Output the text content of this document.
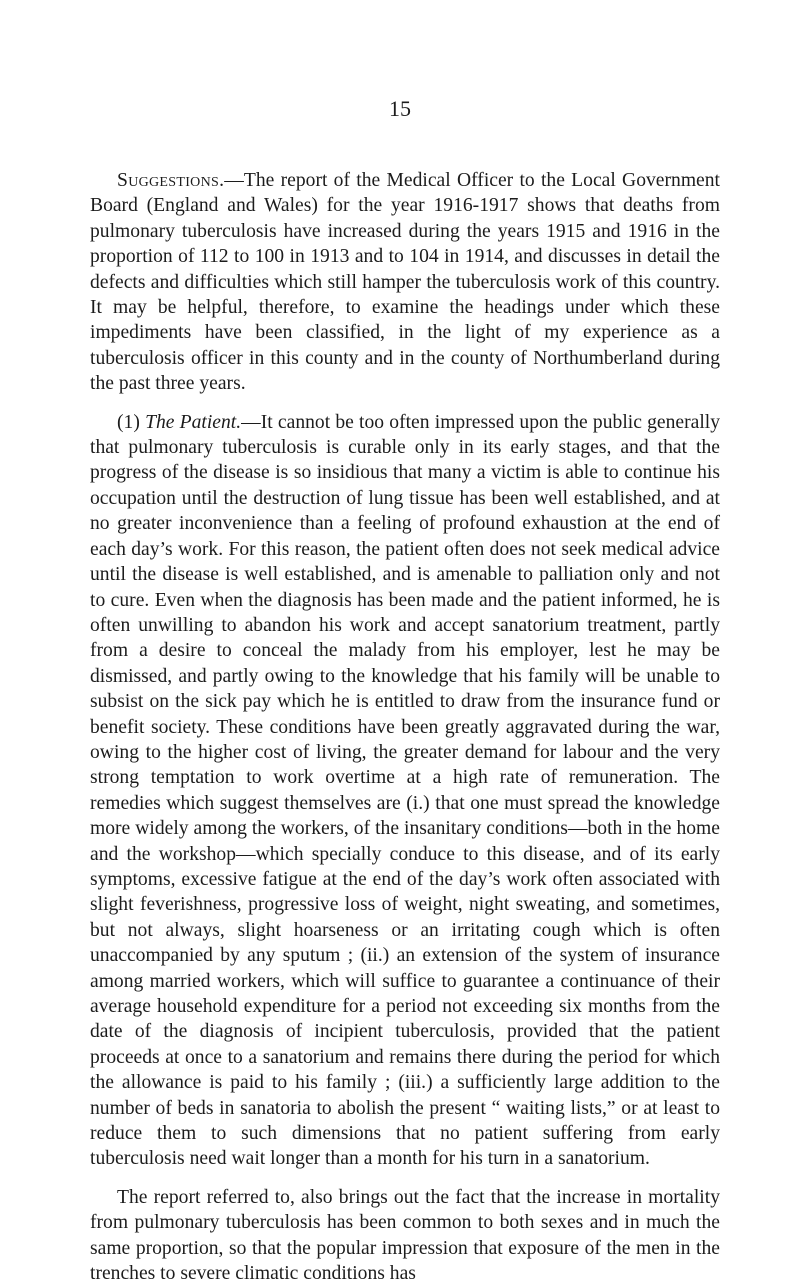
15

Suggestions.—The report of the Medical Officer to the Local Government Board (England and Wales) for the year 1916-1917 shows that deaths from pulmonary tuberculosis have increased during the years 1915 and 1916 in the proportion of 112 to 100 in 1913 and to 104 in 1914, and discusses in detail the defects and difficulties which still hamper the tuberculosis work of this country. It may be helpful, therefore, to examine the headings under which these impediments have been classified, in the light of my experience as a tuberculosis officer in this county and in the county of Northumberland during the past three years.

(1) The Patient.—It cannot be too often impressed upon the public generally that pulmonary tuberculosis is curable only in its early stages, and that the progress of the disease is so insidious that many a victim is able to continue his occupation until the destruction of lung tissue has been well established, and at no greater inconvenience than a feeling of profound exhaustion at the end of each day’s work. For this reason, the patient often does not seek medical advice until the disease is well established, and is amenable to palliation only and not to cure. Even when the diagnosis has been made and the patient informed, he is often unwilling to abandon his work and accept sanatorium treatment, partly from a desire to conceal the malady from his employer, lest he may be dismissed, and partly owing to the knowledge that his family will be unable to subsist on the sick pay which he is entitled to draw from the insurance fund or benefit society. These conditions have been greatly aggravated during the war, owing to the higher cost of living, the greater demand for labour and the very strong temptation to work overtime at a high rate of remuneration. The remedies which suggest themselves are (i.) that one must spread the knowledge more widely among the workers, of the insanitary conditions—both in the home and the workshop—which specially conduce to this disease, and of its early symptoms, excessive fatigue at the end of the day’s work often associated with slight feverishness, progressive loss of weight, night sweating, and sometimes, but not always, slight hoarseness or an irritating cough which is often unaccompanied by any sputum ; (ii.) an extension of the system of insurance among married workers, which will suffice to guarantee a continuance of their average household expenditure for a period not exceeding six months from the date of the diagnosis of incipient tuberculosis, provided that the patient proceeds at once to a sanatorium and remains there during the period for which the allowance is paid to his family ; (iii.) a sufficiently large addition to the number of beds in sanatoria to abolish the present “ waiting lists,” or at least to reduce them to such dimensions that no patient suffering from early tuberculosis need wait longer than a month for his turn in a sanatorium.

The report referred to, also brings out the fact that the increase in mortality from pulmonary tuberculosis has been common to both sexes and in much the same proportion, so that the popular impression that exposure of the men in the trenches to severe climatic conditions has
